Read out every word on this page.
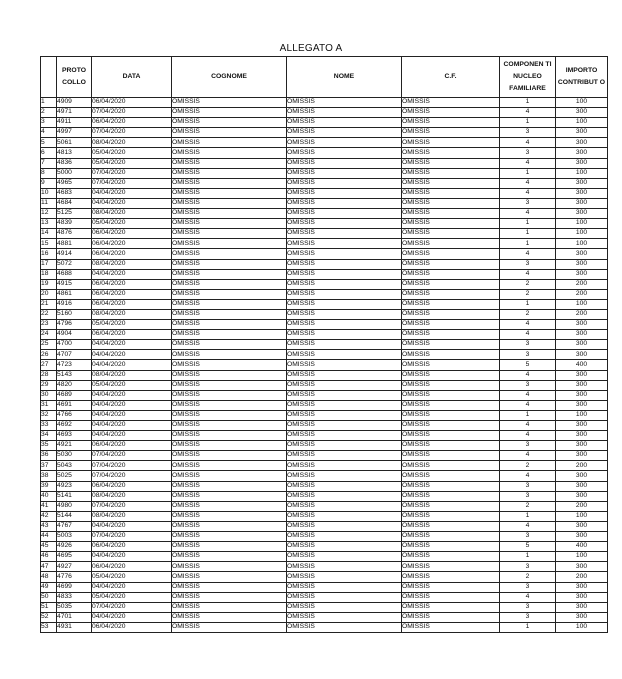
ALLEGATO A
	PROTO COLLO	DATA	COGNOME	NOME	C.F.	COMPONEN TI NUCLEO FAMILIARE	IMPORTO CONTRIBUT O
1	4909	06/04/2020	OMISSIS	OMISSIS	OMISSIS	1	100
2	4971	07/04/2020	OMISSIS	OMISSIS	OMISSIS	4	300
3	4911	06/04/2020	OMISSIS	OMISSIS	OMISSIS	1	100
4	4997	07/04/2020	OMISSIS	OMISSIS	OMISSIS	3	300
5	5061	08/04/2020	OMISSIS	OMISSIS	OMISSIS	4	300
6	4813	05/04/2020	OMISSIS	OMISSIS	OMISSIS	3	300
7	4836	05/04/2020	OMISSIS	OMISSIS	OMISSIS	4	300
8	5000	07/04/2020	OMISSIS	OMISSIS	OMISSIS	1	100
9	4965	07/04/2020	OMISSIS	OMISSIS	OMISSIS	4	300
10	4683	04/04/2020	OMISSIS	OMISSIS	OMISSIS	4	300
11	4684	04/04/2020	OMISSIS	OMISSIS	OMISSIS	3	300
12	5125	08/04/2020	OMISSIS	OMISSIS	OMISSIS	4	300
13	4839	05/04/2020	OMISSIS	OMISSIS	OMISSIS	1	100
14	4876	06/04/2020	OMISSIS	OMISSIS	OMISSIS	1	100
15	4881	06/04/2020	OMISSIS	OMISSIS	OMISSIS	1	100
16	4914	06/04/2020	OMISSIS	OMISSIS	OMISSIS	4	300
17	5072	08/04/2020	OMISSIS	OMISSIS	OMISSIS	3	300
18	4688	04/04/2020	OMISSIS	OMISSIS	OMISSIS	4	300
19	4915	06/04/2020	OMISSIS	OMISSIS	OMISSIS	2	200
20	4861	06/04/2020	OMISSIS	OMISSIS	OMISSIS	2	200
21	4916	06/04/2020	OMISSIS	OMISSIS	OMISSIS	1	100
22	5160	08/04/2020	OMISSIS	OMISSIS	OMISSIS	2	200
23	4796	05/04/2020	OMISSIS	OMISSIS	OMISSIS	4	300
24	4904	06/04/2020	OMISSIS	OMISSIS	OMISSIS	4	300
25	4700	04/04/2020	OMISSIS	OMISSIS	OMISSIS	3	300
26	4707	04/04/2020	OMISSIS	OMISSIS	OMISSIS	3	300
27	4723	04/04/2020	OMISSIS	OMISSIS	OMISSIS	5	400
28	5143	08/04/2020	OMISSIS	OMISSIS	OMISSIS	4	300
29	4820	05/04/2020	OMISSIS	OMISSIS	OMISSIS	3	300
30	4689	04/04/2020	OMISSIS	OMISSIS	OMISSIS	4	300
31	4691	04/04/2020	OMISSIS	OMISSIS	OMISSIS	4	300
32	4766	04/04/2020	OMISSIS	OMISSIS	OMISSIS	1	100
33	4692	04/04/2020	OMISSIS	OMISSIS	OMISSIS	4	300
34	4693	04/04/2020	OMISSIS	OMISSIS	OMISSIS	4	300
35	4921	06/04/2020	OMISSIS	OMISSIS	OMISSIS	3	300
36	5030	07/04/2020	OMISSIS	OMISSIS	OMISSIS	4	300
37	5043	07/04/2020	OMISSIS	OMISSIS	OMISSIS	2	200
38	5025	07/04/2020	OMISSIS	OMISSIS	OMISSIS	4	300
39	4923	06/04/2020	OMISSIS	OMISSIS	OMISSIS	3	300
40	5141	08/04/2020	OMISSIS	OMISSIS	OMISSIS	3	300
41	4980	07/04/2020	OMISSIS	OMISSIS	OMISSIS	2	200
42	5144	08/04/2020	OMISSIS	OMISSIS	OMISSIS	1	100
43	4767	04/04/2020	OMISSIS	OMISSIS	OMISSIS	4	300
44	5003	07/04/2020	OMISSIS	OMISSIS	OMISSIS	3	300
45	4926	06/04/2020	OMISSIS	OMISSIS	OMISSIS	5	400
46	4695	04/04/2020	OMISSIS	OMISSIS	OMISSIS	1	100
47	4927	06/04/2020	OMISSIS	OMISSIS	OMISSIS	3	300
48	4776	05/04/2020	OMISSIS	OMISSIS	OMISSIS	2	200
49	4699	04/04/2020	OMISSIS	OMISSIS	OMISSIS	3	300
50	4833	05/04/2020	OMISSIS	OMISSIS	OMISSIS	4	300
51	5035	07/04/2020	OMISSIS	OMISSIS	OMISSIS	3	300
52	4701	04/04/2020	OMISSIS	OMISSIS	OMISSIS	3	300
53	4931	06/04/2020	OMISSIS	OMISSIS	OMISSIS	1	100
